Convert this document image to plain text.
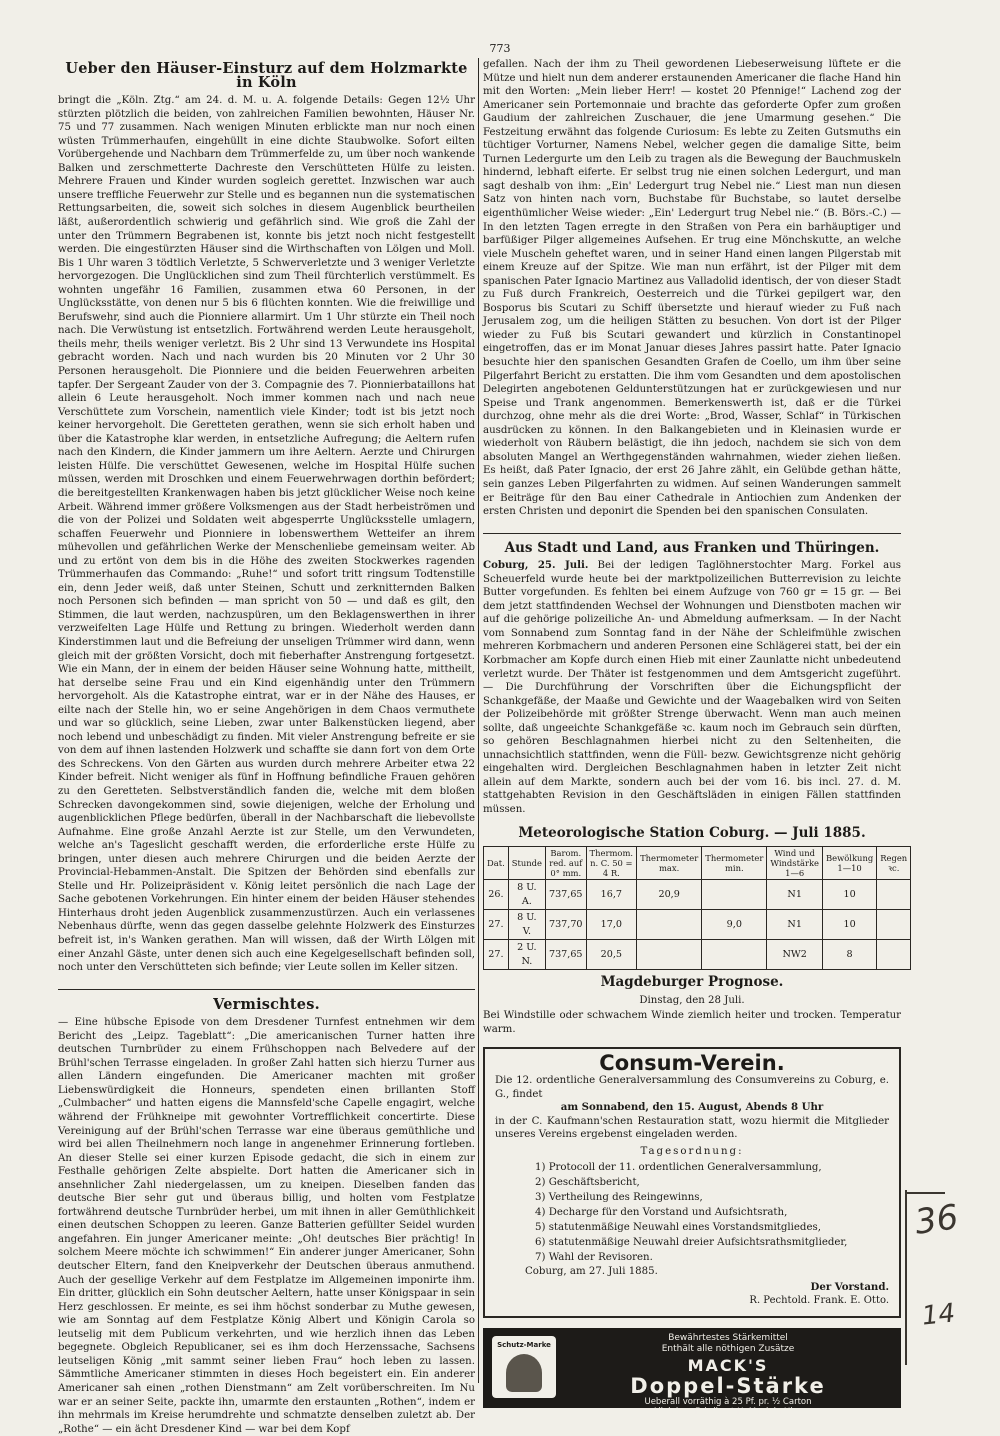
773
Ueber den Häuser-Einsturz auf dem Holzmarkte in Köln

bringt die „Köln. Ztg.“ am 24. d. M. u. A. folgende Details: Gegen 12½ Uhr stürzten plötzlich die beiden, von zahlreichen Familien bewohnten, Häuser Nr. 75 und 77 zusammen. Nach wenigen Minuten erblickte man nur noch einen wüsten Trümmerhaufen, eingehüllt in eine dichte Staubwolke. Sofort eilten Vorübergehende und Nachbarn dem Trümmerfelde zu, um über noch wankende Balken und zerschmetterte Dachreste den Verschütteten Hülfe zu leisten. Mehrere Frauen und Kinder wurden sogleich gerettet. Inzwischen war auch unsere treffliche Feuerwehr zur Stelle und es begannen nun die systematischen Rettungsarbeiten, die, soweit sich solches in diesem Augenblick beurtheilen läßt, außerordentlich schwierig und gefährlich sind. Wie groß die Zahl der unter den Trümmern Begrabenen ist, konnte bis jetzt noch nicht festgestellt werden. Die eingestürzten Häuser sind die Wirthschaften von Lölgen und Moll. Bis 1 Uhr waren 3 tödtlich Verletzte, 5 Schwerverletzte und 3 weniger Verletzte hervorgezogen. Die Unglücklichen sind zum Theil fürchterlich verstümmelt. Es wohnten ungefähr 16 Familien, zusammen etwa 60 Personen, in der Unglücksstätte, von denen nur 5 bis 6 flüchten konnten. Wie die freiwillige und Berufswehr, sind auch die Pionniere allarmirt. Um 1 Uhr stürzte ein Theil noch nach. Die Verwüstung ist entsetzlich. Fortwährend werden Leute herausgeholt, theils mehr, theils weniger verletzt. Bis 2 Uhr sind 13 Verwundete ins Hospital gebracht worden. Nach und nach wurden bis 20 Minuten vor 2 Uhr 30 Personen herausgeholt. Die Pionniere und die beiden Feuerwehren arbeiten tapfer. Der Sergeant Zauder von der 3. Compagnie des 7. Pionnierbataillons hat allein 6 Leute herausgeholt. Noch immer kommen nach und nach neue Verschüttete zum Vorschein, namentlich viele Kinder; todt ist bis jetzt noch keiner hervorgeholt. Die Geretteten gerathen, wenn sie sich erholt haben und über die Katastrophe klar werden, in entsetzliche Aufregung; die Aeltern rufen nach den Kindern, die Kinder jammern um ihre Aeltern. Aerzte und Chirurgen leisten Hülfe. Die verschüttet Gewesenen, welche im Hospital Hülfe suchen müssen, werden mit Droschken und einem Feuerwehrwagen dorthin befördert; die bereitgestellten Krankenwagen haben bis jetzt glücklicher Weise noch keine Arbeit. Während immer größere Volksmengen aus der Stadt herbeiströmen und die von der Polizei und Soldaten weit abgesperrte Unglücksstelle umlagern, schaffen Feuerwehr und Pionniere in lobenswerthem Wetteifer an ihrem mühevollen und gefährlichen Werke der Menschenliebe gemeinsam weiter. Ab und zu ertönt von dem bis in die Höhe des zweiten Stockwerkes ragenden Trümmerhaufen das Commando: „Ruhe!“ und sofort tritt ringsum Todtenstille ein, denn Jeder weiß, daß unter Steinen, Schutt und zerknitternden Balken noch Personen sich befinden — man spricht von 50 — und daß es gilt, den Stimmen, die laut werden, nachzuspüren, um den Beklagenswerthen in ihrer verzweifelten Lage Hülfe und Rettung zu bringen. Wiederholt werden dann Kinderstimmen laut und die Befreiung der unseligen Trümmer wird dann, wenn gleich mit der größten Vorsicht, doch mit fieberhafter Anstrengung fortgesetzt. Wie ein Mann, der in einem der beiden Häuser seine Wohnung hatte, mittheilt, hat derselbe seine Frau und ein Kind eigenhändig unter den Trümmern hervorgeholt. Als die Katastrophe eintrat, war er in der Nähe des Hauses, er eilte nach der Stelle hin, wo er seine Angehörigen in dem Chaos vermuthete und war so glücklich, seine Lieben, zwar unter Balkenstücken liegend, aber noch lebend und unbeschädigt zu finden. Mit vieler Anstrengung befreite er sie von dem auf ihnen lastenden Holzwerk und schaffte sie dann fort von dem Orte des Schreckens. Von den Gärten aus wurden durch mehrere Arbeiter etwa 22 Kinder befreit. Nicht weniger als fünf in Hoffnung befindliche Frauen gehören zu den Geretteten. Selbstverständlich fanden die, welche mit dem bloßen Schrecken davongekommen sind, sowie diejenigen, welche der Erholung und augenblicklichen Pflege bedürfen, überall in der Nachbarschaft die liebevollste Aufnahme. Eine große Anzahl Aerzte ist zur Stelle, um den Verwundeten, welche an's Tageslicht geschafft werden, die erforderliche erste Hülfe zu bringen, unter diesen auch mehrere Chirurgen und die beiden Aerzte der Provincial-Hebammen-Anstalt. Die Spitzen der Behörden sind ebenfalls zur Stelle und Hr. Polizeipräsident v. König leitet persönlich die nach Lage der Sache gebotenen Vorkehrungen. Ein hinter einem der beiden Häuser stehendes Hinterhaus droht jeden Augenblick zusammenzustürzen. Auch ein verlassenes Nebenhaus dürfte, wenn das gegen dasselbe gelehnte Holzwerk des Einsturzes befreit ist, in's Wanken gerathen. Man will wissen, daß der Wirth Lölgen mit einer Anzahl Gäste, unter denen sich auch eine Kegelgesellschaft befinden soll, noch unter den Verschütteten sich befinde; vier Leute sollen im Keller sitzen.

Vermischtes.

— Eine hübsche Episode von dem Dresdener Turnfest entnehmen wir dem Bericht des „Leipz. Tageblatt“: „Die americanischen Turner hatten ihre deutschen Turnbrüder zu einem Frühschoppen nach Belvedere auf der Brühl'schen Terrasse eingeladen. In großer Zahl hatten sich hierzu Turner aus allen Ländern eingefunden. Die Americaner machten mit großer Liebenswürdigkeit die Honneurs, spendeten einen brillanten Stoff „Culmbacher“ und hatten eigens die Mannsfeld'sche Capelle engagirt, welche während der Frühkneipe mit gewohnter Vortrefflichkeit concertirte. Diese Vereinigung auf der Brühl'schen Terrasse war eine überaus gemüthliche und wird bei allen Theilnehmern noch lange in angenehmer Erinnerung fortleben. An dieser Stelle sei einer kurzen Episode gedacht, die sich in einem zur Festhalle gehörigen Zelte abspielte. Dort hatten die Americaner sich in ansehnlicher Zahl niedergelassen, um zu kneipen. Dieselben fanden das deutsche Bier sehr gut und überaus billig, und holten vom Festplatze fortwährend deutsche Turnbrüder herbei, um mit ihnen in aller Gemüthlichkeit einen deutschen Schoppen zu leeren. Ganze Batterien gefüllter Seidel wurden angefahren. Ein junger Americaner meinte: „Oh! deutsches Bier prächtig! In solchem Meere möchte ich schwimmen!“ Ein anderer junger Americaner, Sohn deutscher Eltern, fand den Kneipverkehr der Deutschen überaus anmuthend. Auch der gesellige Verkehr auf dem Festplatze im Allgemeinen imponirte ihm. Ein dritter, glücklich ein Sohn deutscher Aeltern, hatte unser Königspaar in sein Herz geschlossen. Er meinte, es sei ihm höchst sonderbar zu Muthe gewesen, wie am Sonntag auf dem Festplatze König Albert und Königin Carola so leutselig mit dem Publicum verkehrten, und wie herzlich ihnen das Leben begegnete. Obgleich Republicaner, sei es ihm doch Herzenssache, Sachsens leutseligen König „mit sammt seiner lieben Frau“ hoch leben zu lassen. Sämmtliche Americaner stimmten in dieses Hoch begeistert ein. Ein anderer Americaner sah einen „rothen Dienstmann“ am Zelt vorüberschreiten. Im Nu war er an seiner Seite, packte ihn, umarmte den erstaunten „Rothen“, indem er ihn mehrmals im Kreise herumdrehte und schmatzte denselben zuletzt ab. Der „Rothe“ — ein ächt Dresdener Kind — war bei dem Kopf

gefallen. Nach der ihm zu Theil gewordenen Liebeserweisung lüftete er die Mütze und hielt nun dem anderer erstaunenden Americaner die flache Hand hin mit den Worten: „Mein lieber Herr! — kostet 20 Pfennige!“ Lachend zog der Americaner sein Portemonnaie und brachte das geforderte Opfer zum großen Gaudium der zahlreichen Zuschauer, die jene Umarmung gesehen.“ Die Festzeitung erwähnt das folgende Curiosum: Es lebte zu Zeiten Gutsmuths ein tüchtiger Vorturner, Namens Nebel, welcher gegen die damalige Sitte, beim Turnen Ledergurte um den Leib zu tragen als die Bewegung der Bauchmuskeln hindernd, lebhaft eiferte. Er selbst trug nie einen solchen Ledergurt, und man sagt deshalb von ihm: „Ein' Ledergurt trug Nebel nie.“ Liest man nun diesen Satz von hinten nach vorn, Buchstabe für Buchstabe, so lautet derselbe eigenthümlicher Weise wieder: „Ein' Ledergurt trug Nebel nie.“ (B. Börs.-C.) — In den letzten Tagen erregte in den Straßen von Pera ein barhäuptiger und barfüßiger Pilger allgemeines Aufsehen. Er trug eine Mönchskutte, an welche viele Muscheln geheftet waren, und in seiner Hand einen langen Pilgerstab mit einem Kreuze auf der Spitze. Wie man nun erfährt, ist der Pilger mit dem spanischen Pater Ignacio Martinez aus Valladolid identisch, der von dieser Stadt zu Fuß durch Frankreich, Oesterreich und die Türkei gepilgert war, den Bosporus bis Scutari zu Schiff übersetzte und hierauf wieder zu Fuß nach Jerusalem zog, um die heiligen Stätten zu besuchen. Von dort ist der Pilger wieder zu Fuß bis Scutari gewandert und kürzlich in Constantinopel eingetroffen, das er im Monat Januar dieses Jahres passirt hatte. Pater Ignacio besuchte hier den spanischen Gesandten Grafen de Coello, um ihm über seine Pilgerfahrt Bericht zu erstatten. Die ihm vom Gesandten und dem apostolischen Delegirten angebotenen Geldunterstützungen hat er zurückgewiesen und nur Speise und Trank angenommen. Bemerkenswerth ist, daß er die Türkei durchzog, ohne mehr als die drei Worte: „Brod, Wasser, Schlaf“ in Türkischen ausdrücken zu können. In den Balkangebieten und in Kleinasien wurde er wiederholt von Räubern belästigt, die ihn jedoch, nachdem sie sich von dem absoluten Mangel an Werthgegenständen wahrnahmen, wieder ziehen ließen. Es heißt, daß Pater Ignacio, der erst 26 Jahre zählt, ein Gelübde gethan hätte, sein ganzes Leben Pilgerfahrten zu widmen. Auf seinen Wanderungen sammelt er Beiträge für den Bau einer Cathedrale in Antiochien zum Andenken der ersten Christen und deponirt die Spenden bei den spanischen Consulaten.

Aus Stadt und Land, aus Franken und Thüringen.

Coburg, 25. Juli. Bei der ledigen Taglöhnerstochter Marg. Forkel aus Scheuerfeld wurde heute bei der marktpolizeilichen Butterrevision zu leichte Butter vorgefunden. Es fehlten bei einem Aufzuge von 760 gr = 15 gr. — Bei dem jetzt stattfindenden Wechsel der Wohnungen und Dienstboten machen wir auf die gehörige polizeiliche An- und Abmeldung aufmerksam. — In der Nacht vom Sonnabend zum Sonntag fand in der Nähe der Schleifmühle zwischen mehreren Korbmachern und anderen Personen eine Schlägerei statt, bei der ein Korbmacher am Kopfe durch einen Hieb mit einer Zaunlatte nicht unbedeutend verletzt wurde. Der Thäter ist festgenommen und dem Amtsgericht zugeführt. — Die Durchführung der Vorschriften über die Eichungspflicht der Schankgefäße, der Maaße und Gewichte und der Waagebalken wird von Seiten der Polizeibehörde mit größter Strenge überwacht. Wenn man auch meinen sollte, daß ungeeichte Schankgefäße ꝛc. kaum noch im Gebrauch sein dürften, so gehören Beschlagnahmen hierbei nicht zu den Seltenheiten, die unnachsichtlich stattfinden, wenn die Füll- bezw. Gewichtsgrenze nicht gehörig eingehalten wird. Dergleichen Beschlagnahmen haben in letzter Zeit nicht allein auf dem Markte, sondern auch bei der vom 16. bis incl. 27. d. M. stattgehabten Revision in den Geschäftsläden in einigen Fällen stattfinden müssen.

Meteorologische Station Coburg. — Juli 1885.
Dat.	Stunde	Barom. red. auf 0° mm.	Thermom. n. C. 50 = 4 R.	Thermometer max.	Thermometer min.	Wind und Windstärke 1—6	Bewölkung 1—10	Regen ꝛc.
26.	8 U. A.	737,65	16,7	20,9		N1	10	
27.	8 U. V.	737,70	17,0		9,0	N1	10	
27.	2 U. N.	737,65	20,5			NW2	8	
Magdeburger Prognose.
Dinstag, den 28 Juli.

Bei Windstille oder schwachem Winde ziemlich heiter und trocken. Temperatur warm.

Consum-Verein.

Die 12. ordentliche Generalversammlung des Consumvereins zu Coburg, e. G., findet

am Sonnabend, den 15. August, Abends 8 Uhr

in der C. Kaufmann'schen Restauration statt, wozu hiermit die Mitglieder unseres Vereins ergebenst eingeladen werden.

Tagesordnung:
1) Protocoll der 11. ordentlichen Generalversammlung,
2) Geschäftsbericht,
3) Vertheilung des Reingewinns,
4) Decharge für den Vorstand und Aufsichtsrath,
5) statutenmäßige Neuwahl eines Vorstandsmitgliedes,
6) statutenmäßige Neuwahl dreier Aufsichtsrathsmitglieder,
7) Wahl der Revisoren.

Coburg, am 27. Juli 1885.

Der Vorstand.
R. Pechtold. Frank. E. Otto.
Schutz-Marke
Bewährtestes Stärkemittel
Enthält alle nöthigen Zusätze
MACK'S
Doppel-Stärke
Ueberall vorräthig à 25 Pf. pr. ½ Carton
Alleiniger Fabrikant H. Mack in Ulm.
36
14
